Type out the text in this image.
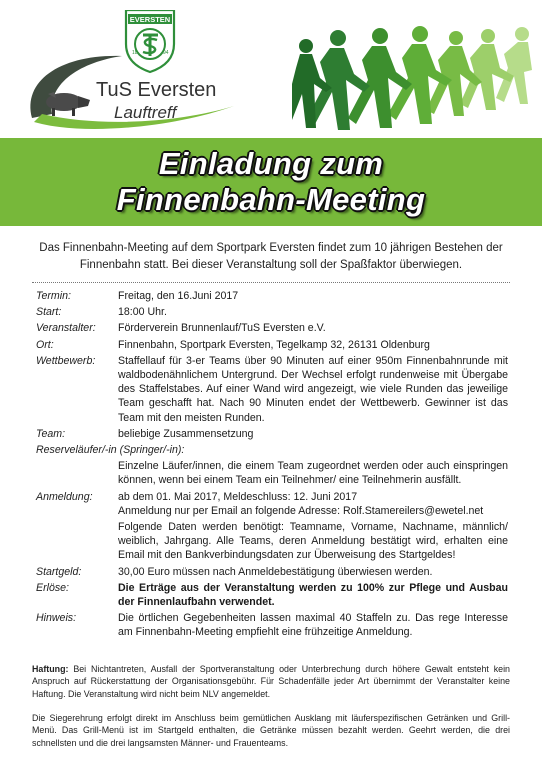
EVERSTEN
18	94
TuS Eversten
Lauftreff
Einladung zum
Finnenbahn-Meeting
Das Finnenbahn-Meeting auf dem Sportpark Eversten findet zum 10 jährigen Bestehen der Finnenbahn statt. Bei dieser Veranstaltung soll der Spaßfaktor überwiegen.
Termin:	Freitag, den 16.Juni 2017
Start:	18:00 Uhr.
Veranstalter:	Förderverein Brunnenlauf/TuS Eversten e.V.
Ort:	Finnenbahn, Sportpark Eversten, Tegelkamp 32, 26131 Oldenburg
Wettbewerb:	Staffellauf für 3-er Teams über 90 Minuten auf einer 950m Finnenbahnrunde mit waldbodenähnlichem Untergrund. Der Wechsel erfolgt rundenweise mit Übergabe des Staffelstabes. Auf einer Wand wird angezeigt, wie viele Runden das jeweilige Team geschafft hat. Nach 90 Minuten endet der Wettbewerb. Gewinner ist das Team mit den meisten Runden.
Team:	beliebige Zusammensetzung
Reserveläufer/-in (Springer/-in):
Einzelne Läufer/innen, die einem Team zugeordnet werden oder auch einspringen können, wenn bei einem Team ein Teilnehmer/ eine Teilnehmerin ausfällt.
Anmeldung:	ab dem 01. Mai 2017, Meldeschluss: 12. Juni 2017
Anmeldung nur per Email an folgende Adresse: Rolf.Stamereilers@ewetel.net
Folgende Daten werden benötigt: Teamname, Vorname, Nachname, männlich/ weiblich, Jahrgang. Alle Teams, deren Anmeldung bestätigt wird, erhalten eine Email mit den Bankverbindungsdaten zur Überweisung des Startgeldes!
Startgeld:	30,00 Euro müssen nach Anmeldebestätigung überwiesen werden.
Erlöse:	Die Erträge aus der Veranstaltung werden zu 100% zur Pflege und Ausbau der Finnenlaufbahn verwendet.
Hinweis:	Die örtlichen Gegebenheiten lassen maximal 40 Staffeln zu. Das rege Interesse am Finnenbahn-Meeting empfiehlt eine frühzeitige Anmeldung.
Haftung: Bei Nichtantreten, Ausfall der Sportveranstaltung oder Unterbrechung durch höhere Gewalt entsteht kein Anspruch auf Rückerstattung der Organisationsgebühr. Für Schadenfälle jeder Art übernimmt der Veranstalter keine Haftung. Die Veranstaltung wird nicht beim NLV angemeldet.
Die Siegerehrung erfolgt direkt im Anschluss beim gemütlichen Ausklang mit läuferspezifischen Getränken und Grill-Menü. Das Grill-Menü ist im Startgeld enthalten, die Getränke müssen bezahlt werden. Geehrt werden, die drei schnellsten und die drei langsamsten Männer- und Frauenteams.
